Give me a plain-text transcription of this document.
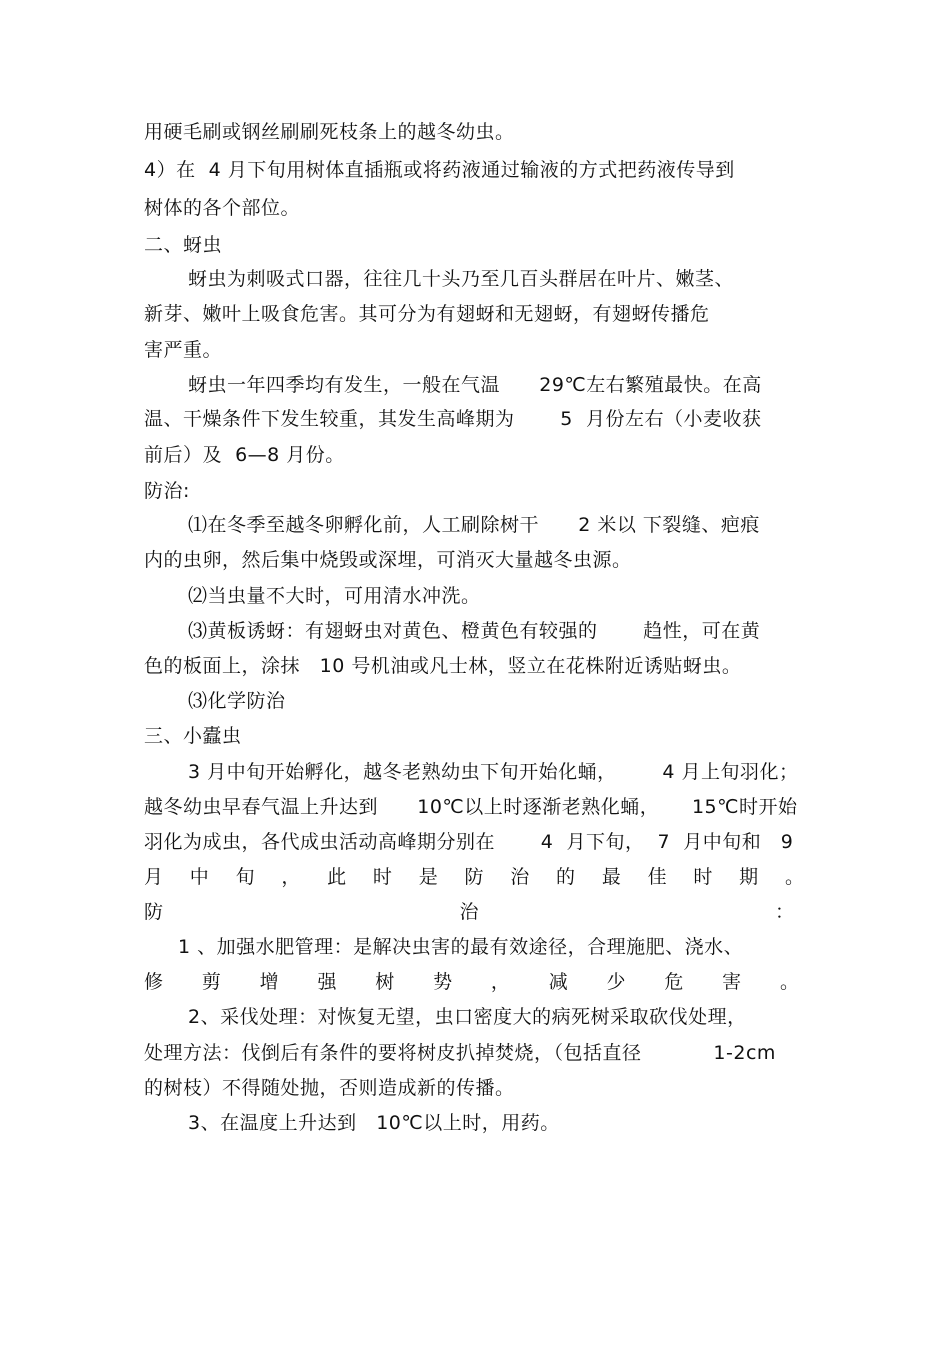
用硬毛刷或钢丝刷刷死枝条上的越冬幼虫。
4）在  4 月下旬用树体直插瓶或将药液通过输液的方式把药液传导到
树体的各个部位。
二、蚜虫
蚜虫为刺吸式口器，往往几十头乃至几百头群居在叶片、嫩茎、
新芽、嫩叶上吸食危害。其可分为有翅蚜和无翅蚜，有翅蚜传播危
害严重。
蚜虫一年四季均有发生，一般在气温      29℃左右繁殖最快。在高
温、干燥条件下发生较重，其发生高峰期为       5  月份左右（小麦收获
前后）及  6—8 月份。
防治:
⑴在冬季至越冬卵孵化前，人工刷除树干      2 米以 下裂缝、疤痕
内的虫卵，然后集中烧毁或深埋，可消灭大量越冬虫源。
⑵当虫量不大时，可用清水冲洗。
⑶黄板诱蚜：有翅蚜虫对黄色、橙黄色有较强的       趋性，可在黄
色的板面上，涂抹   10 号机油或凡士林，竖立在花株附近诱贴蚜虫。
⑶化学防治
三、小蠹虫
3 月中旬开始孵化，越冬老熟幼虫下旬开始化蛹，       4 月上旬羽化；
越冬幼虫早春气温上升达到      10℃以上时逐渐老熟化蛹，     15℃时开始
羽化为成虫，各代成虫活动高峰期分别在       4  月下旬，  7  月中旬和   9
月 中 旬 ， 此 时 是 防 治 的 最 佳 时 期 。
防	治	：
1 、加强水肥管理：是解决虫害的最有效途径，合理施肥、浇水、
修 剪 增 强 树 势 ， 减 少 危 害 。
2、采伐处理：对恢复无望，虫口密度大的病死树采取砍伐处理，
处理方法：伐倒后有条件的要将树皮扒掉焚烧，（包括直径           1-2cm
的树枝）不得随处抛，否则造成新的传播。
3、在温度上升达到   10℃以上时，用药。
